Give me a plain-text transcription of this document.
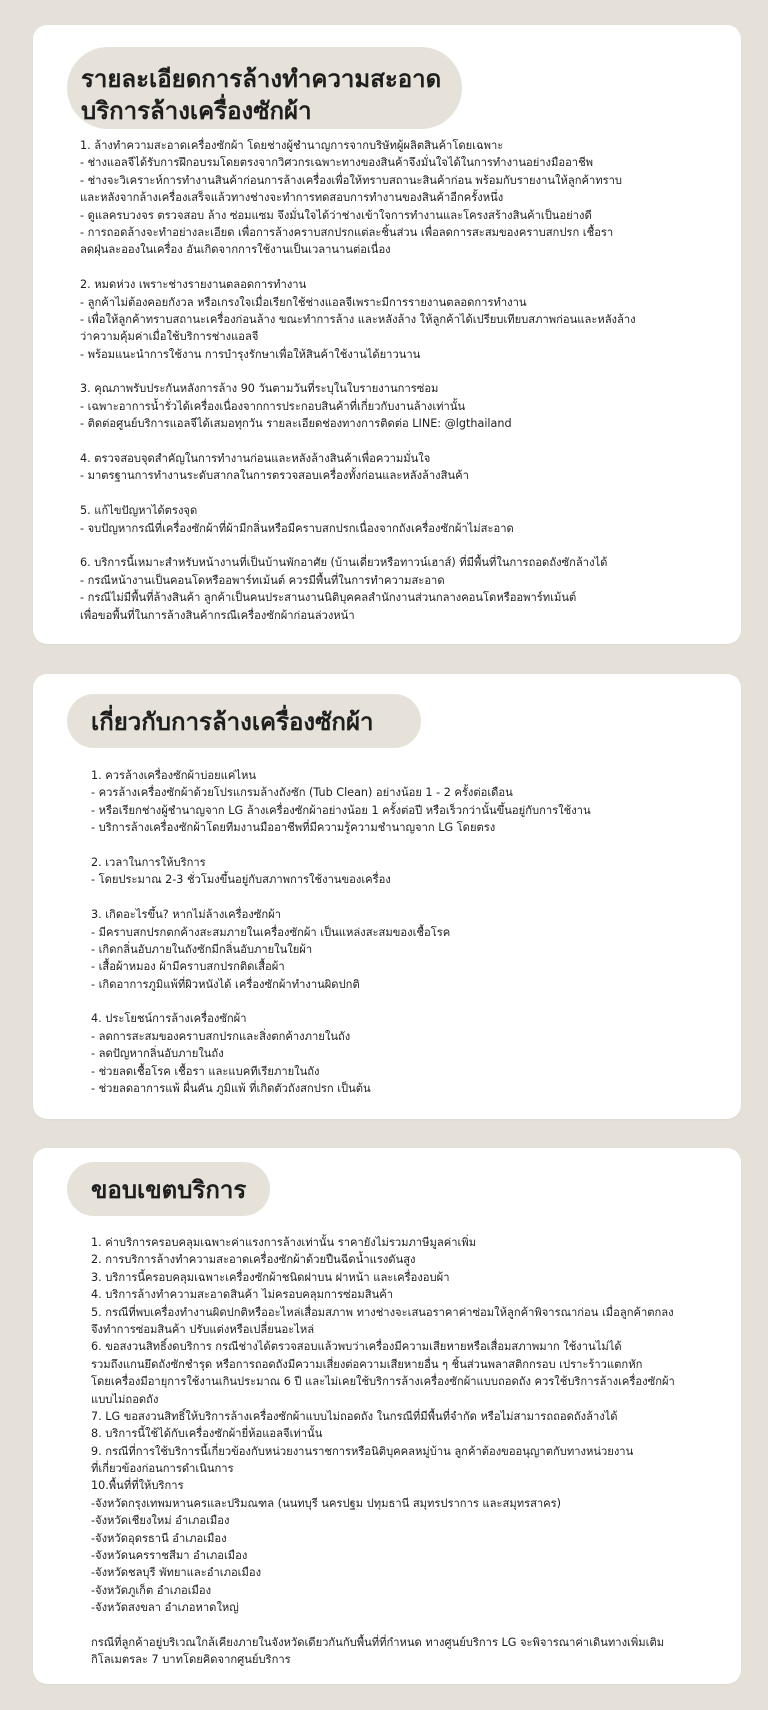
รายละเอียดการล้างทำความสะอาด
บริการล้างเครื่องซักผ้า
1. ล้างทำความสะอาดเครื่องซักผ้า โดยช่างผู้ชำนาญการจากบริษัทผู้ผลิตสินค้าโดยเฉพาะ
- ช่างแอลจีได้รับการฝึกอบรมโดยตรงจากวิศวกรเฉพาะทางของสินค้าจึงมั่นใจได้ในการทำงานอย่างมืออาชีพ
- ช่างจะวิเคราะห์การทำงานสินค้าก่อนการล้างเครื่องเพื่อให้ทราบสถานะสินค้าก่อน พร้อมกับรายงานให้ลูกค้าทราบ
และหลังจากล้างเครื่องเสร็จแล้วทางช่างจะทำการทดสอบการทำงานของสินค้าอีกครั้งหนึ่ง
- ดูแลครบวงจร ตรวจสอบ ล้าง ซ่อมแซม จึงมั่นใจได้ว่าช่างเข้าใจการทำงานและโครงสร้างสินค้าเป็นอย่างดี
- การถอดล้างจะทำอย่างละเอียด เพื่อการล้างคราบสกปรกแต่ละชิ้นส่วน เพื่อลดการสะสมของคราบสกปรก เชื้อรา
ลดฝุ่นละอองในเครื่อง อันเกิดจากการใช้งานเป็นเวลานานต่อเนื่อง
2. หมดห่วง เพราะช่างรายงานตลอดการทำงาน
- ลูกค้าไม่ต้องคอยกังวล หรือเกรงใจเมื่อเรียกใช้ช่างแอลจีเพราะมีการรายงานตลอดการทำงาน
- เพื่อให้ลูกค้าทราบสถานะเครื่องก่อนล้าง ขณะทำการล้าง และหลังล้าง ให้ลูกค้าได้เปรียบเทียบสภาพก่อนและหลังล้าง
ว่าความคุ้มค่าเมื่อใช้บริการช่างแอลจี
- พร้อมแนะนำการใช้งาน การบำรุงรักษาเพื่อให้สินค้าใช้งานได้ยาวนาน
3. คุณภาพรับประกันหลังการล้าง 90 วันตามวันที่ระบุในใบรายงานการซ่อม
- เฉพาะอาการน้ำรั่วได้เครื่องเนื่องจากการประกอบสินค้าที่เกี่ยวกับงานล้างเท่านั้น
- ติดต่อศูนย์บริการแอลจีได้เสมอทุกวัน รายละเอียดช่องทางการติดต่อ LINE: @lgthailand
4. ตรวจสอบจุดสำคัญในการทำงานก่อนและหลังล้างสินค้าเพื่อความมั่นใจ
- มาตรฐานการทำงานระดับสากลในการตรวจสอบเครื่องทั้งก่อนและหลังล้างสินค้า
5. แก้ไขปัญหาได้ตรงจุด
- จบปัญหากรณีที่เครื่องซักผ้าที่ผ้ามีกลิ่นหรือมีคราบสกปรกเนื่องจากถังเครื่องซักผ้าไม่สะอาด
6. บริการนี้เหมาะสำหรับหน้างานที่เป็นบ้านพักอาศัย (บ้านเดี่ยวหรือทาวน์เฮาส์) ที่มีพื้นที่ในการถอดถังซักล้างได้
- กรณีหน้างานเป็นคอนโดหรืออพาร์ทเม้นต์ ควรมีพื้นที่ในการทำความสะอาด
- กรณีไม่มีพื้นที่ล้างสินค้า ลูกค้าเป็นคนประสานงานนิติบุคคลสำนักงานส่วนกลางคอนโดหรืออพาร์ทเม้นต์
เพื่อขอพื้นที่ในการล้างสินค้ากรณีเครื่องซักผ้าก่อนล่วงหน้า
เกี่ยวกับการล้างเครื่องซักผ้า
1. ควรล้างเครื่องซักผ้าบ่อยแค่ไหน
- ควรล้างเครื่องซักผ้าด้วยโปรแกรมล้างถังซัก (Tub Clean) อย่างน้อย 1 - 2 ครั้งต่อเดือน
- หรือเรียกช่างผู้ชำนาญจาก LG ล้างเครื่องซักผ้าอย่างน้อย 1 ครั้งต่อปี หรือเร็วกว่านั้นขึ้นอยู่กับการใช้งาน
- บริการล้างเครื่องซักผ้าโดยทีมงานมืออาชีพที่มีความรู้ความชำนาญจาก LG โดยตรง
2. เวลาในการให้บริการ
- โดยประมาณ 2-3 ชั่วโมงขึ้นอยู่กับสภาพการใช้งานของเครื่อง
3. เกิดอะไรขึ้น? หากไม่ล้างเครื่องซักผ้า
- มีคราบสกปรกตกค้างสะสมภายในเครื่องซักผ้า เป็นแหล่งสะสมของเชื้อโรค
- เกิดกลิ่นอับภายในถังซักมีกลิ่นอับภายในใยผ้า
- เสื้อผ้าหมอง ผ้ามีคราบสกปรกติดเสื้อผ้า
- เกิดอาการภูมิแพ้ที่ผิวหนังได้ เครื่องซักผ้าทำงานผิดปกติ
4. ประโยชน์การล้างเครื่องซักผ้า
- ลดการสะสมของคราบสกปรกและสิ่งตกค้างภายในถัง
- ลดปัญหากลิ่นอับภายในถัง
- ช่วยลดเชื้อโรค เชื้อรา และแบคทีเรียภายในถัง
- ช่วยลดอาการแพ้ ผื่นคัน ภูมิแพ้ ที่เกิดตัวถังสกปรก เป็นต้น
ขอบเขตบริการ
1. ค่าบริการครอบคลุมเฉพาะค่าแรงการล้างเท่านั้น ราคายังไม่รวมภาษีมูลค่าเพิ่ม
2. การบริการล้างทำความสะอาดเครื่องซักผ้าด้วยปืนฉีดน้ำแรงดันสูง
3. บริการนี้ครอบคลุมเฉพาะเครื่องซักผ้าชนิดฝาบน ฝาหน้า และเครื่องอบผ้า
4. บริการล้างทำความสะอาดสินค้า ไม่ครอบคลุมการซ่อมสินค้า
5. กรณีที่พบเครื่องทำงานผิดปกติหรืออะไหล่เสื่อมสภาพ ทางช่างจะเสนอราคาค่าซ่อมให้ลูกค้าพิจารณาก่อน เมื่อลูกค้าตกลง
จึงทำการซ่อมสินค้า ปรับแต่งหรือเปลี่ยนอะไหล่
6. ขอสงวนสิทธิ์งดบริการ กรณีช่างได้ตรวจสอบแล้วพบว่าเครื่องมีความเสียหายหรือเสื่อมสภาพมาก ใช้งานไม่ได้
รวมถึงแกนยึดถังซักชำรุด หรือการถอดถังมีความเสี่ยงต่อความเสียหายอื่น ๆ ชิ้นส่วนพลาสติกกรอบ เปราะร้าวแตกหัก
โดยเครื่องมีอายุการใช้งานเกินประมาณ 6 ปี และไม่เคยใช้บริการล้างเครื่องซักผ้าแบบถอดถัง ควรใช้บริการล้างเครื่องซักผ้า
แบบไม่ถอดถัง
7. LG ขอสงวนสิทธิ์ให้บริการล้างเครื่องซักผ้าแบบไม่ถอดถัง ในกรณีที่มีพื้นที่จำกัด หรือไม่สามารถถอดถังล้างได้
8. บริการนี้ใช้ได้กับเครื่องซักผ้ายี่ห้อแอลจีเท่านั้น
9. กรณีที่การใช้บริการนี้เกี่ยวข้องกับหน่วยงานราชการหรือนิติบุคคลหมู่บ้าน ลูกค้าต้องขออนุญาตกับทางหน่วยงาน
ที่เกี่ยวข้องก่อนการดำเนินการ
10.พื้นที่ที่ให้บริการ
-จังหวัดกรุงเทพมหานครและปริมณฑล (นนทบุรี นครปฐม ปทุมธานี สมุทรปราการ และสมุทรสาคร)
-จังหวัดเชียงใหม่ อำเภอเมือง
-จังหวัดอุดรธานี อำเภอเมือง
-จังหวัดนครราชสีมา อำเภอเมือง
-จังหวัดชลบุรี พัทยาและอำเภอเมือง
-จังหวัดภูเก็ต อำเภอเมือง
-จังหวัดสงขลา อำเภอหาดใหญ่
กรณีที่ลูกค้าอยู่บริเวณใกล้เคียงภายในจังหวัดเดียวกันกับพื้นที่ที่กำหนด ทางศูนย์บริการ LG จะพิจารณาค่าเดินทางเพิ่มเติม
กิโลเมตรละ 7 บาทโดยคิดจากศูนย์บริการ
